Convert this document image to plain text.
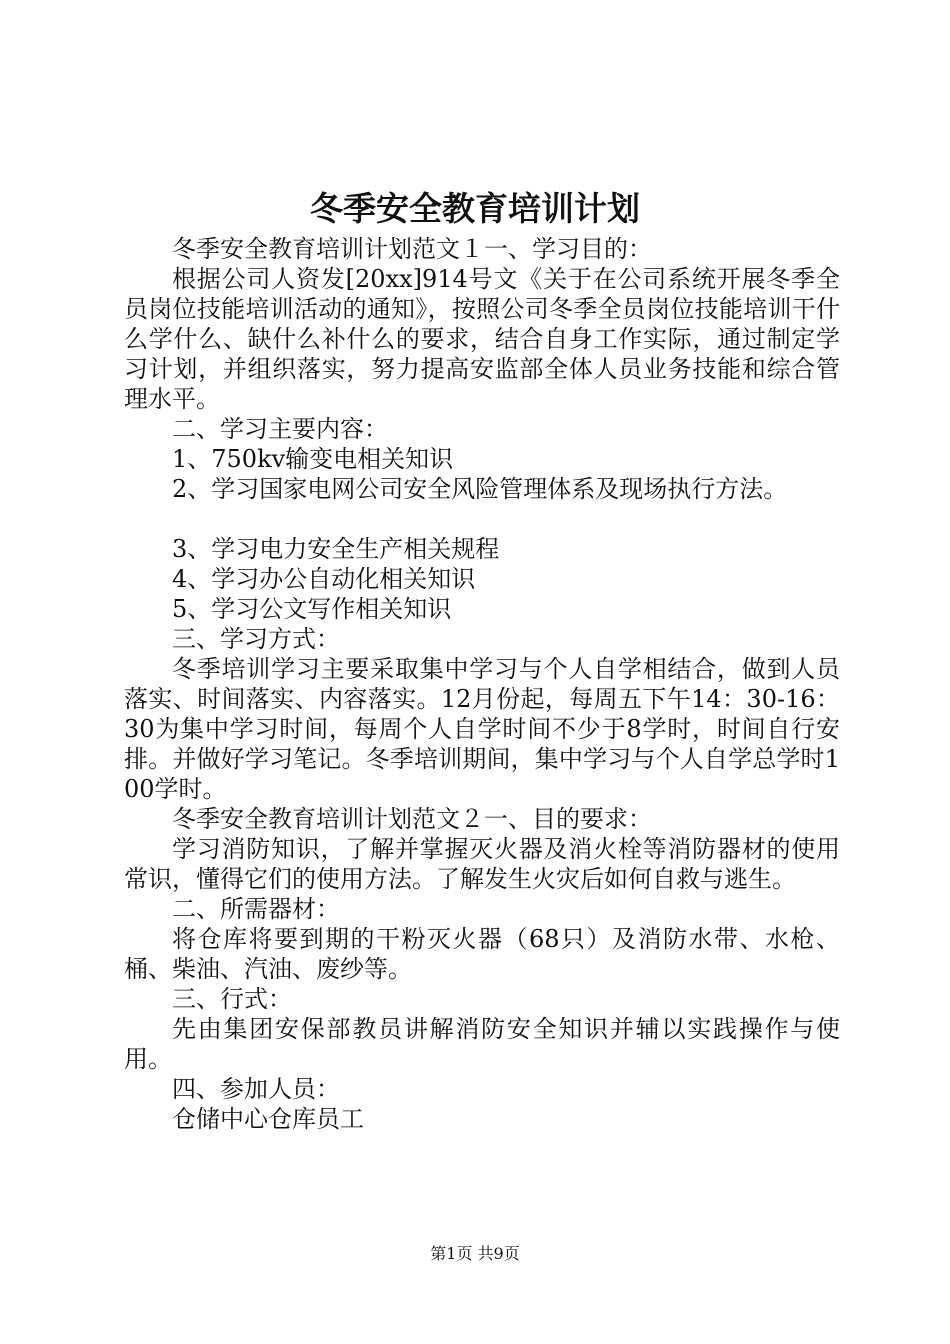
冬季安全教育培训计划

冬季安全教育培训计划范文１一、学习目的：

根据公司人资发[20xx]914号文《关于在公司系统开展冬季全员岗位技能培训活动的通知》，按照公司冬季全员岗位技能培训干什么学什么、缺什么补什么的要求，结合自身工作实际，通过制定学习计划，并组织落实，努力提高安监部全体人员业务技能和综合管理水平。

二、学习主要内容：

1、750kv输变电相关知识

2、学习国家电网公司安全风险管理体系及现场执行方法。

3、学习电力安全生产相关规程

4、学习办公自动化相关知识

5、学习公文写作相关知识

三、学习方式：

冬季培训学习主要采取集中学习与个人自学相结合，做到人员落实、时间落实、内容落实。12月份起，每周五下午14：30-16：30为集中学习时间，每周个人自学时间不少于8学时，时间自行安排。并做好学习笔记。冬季培训期间，集中学习与个人自学总学时100学时。

冬季安全教育培训计划范文２一、目的要求：

学习消防知识，了解并掌握灭火器及消火栓等消防器材的使用常识，懂得它们的使用方法。了解发生火灾后如何自救与逃生。

二、所需器材：

将仓库将要到期的干粉灭火器（68只）及消防水带、水枪、桶、柴油、汽油、废纱等。

三、行式：

先由集团安保部教员讲解消防安全知识并辅以实践操作与使用。

四、参加人员：

仓储中心仓库员工

第1页 共9页
